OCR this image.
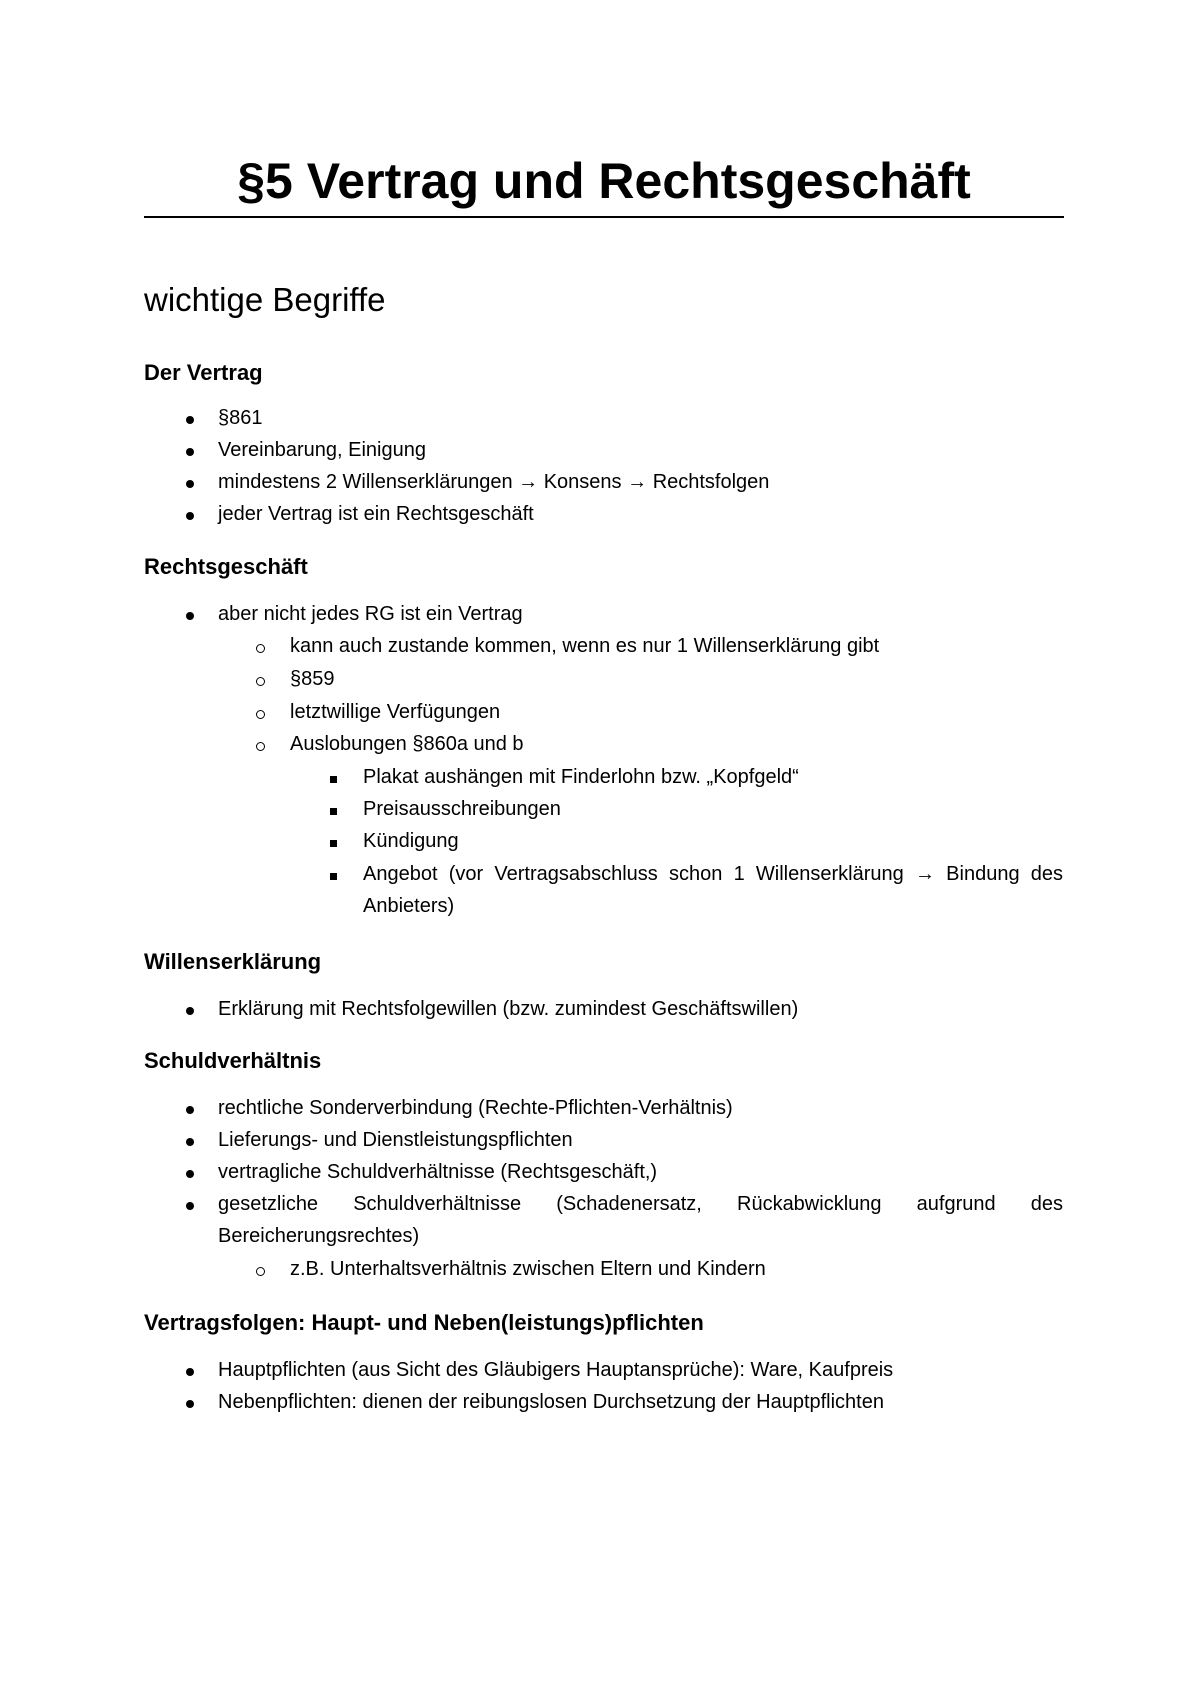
§5 Vertrag und Rechtsgeschäft
wichtige Begriffe
Der Vertrag
§861
Vereinbarung, Einigung
mindestens 2 Willenserklärungen → Konsens → Rechtsfolgen
jeder Vertrag ist ein Rechtsgeschäft
Rechtsgeschäft
aber nicht jedes RG ist ein Vertrag
kann auch zustande kommen, wenn es nur 1 Willenserklärung gibt
§859
letztwillige Verfügungen
Auslobungen §860a und b
Plakat aushängen mit Finderlohn bzw. „Kopfgeld“
Preisausschreibungen
Kündigung
Angebot (vor Vertragsabschluss schon 1 Willenserklärung → Bindung des Anbieters)
Willenserklärung
Erklärung mit Rechtsfolgewillen (bzw. zumindest Geschäftswillen)
Schuldverhältnis
rechtliche Sonderverbindung (Rechte-Pflichten-Verhältnis)
Lieferungs- und Dienstleistungspflichten
vertragliche Schuldverhältnisse (Rechtsgeschäft,)
gesetzliche Schuldverhältnisse (Schadenersatz, Rückabwicklung aufgrund des Bereicherungsrechtes)
z.B. Unterhaltsverhältnis zwischen Eltern und Kindern
Vertragsfolgen: Haupt- und Neben(leistungs)pflichten
Hauptpflichten (aus Sicht des Gläubigers Hauptansprüche): Ware, Kaufpreis
Nebenpflichten: dienen der reibungslosen Durchsetzung der Hauptpflichten
